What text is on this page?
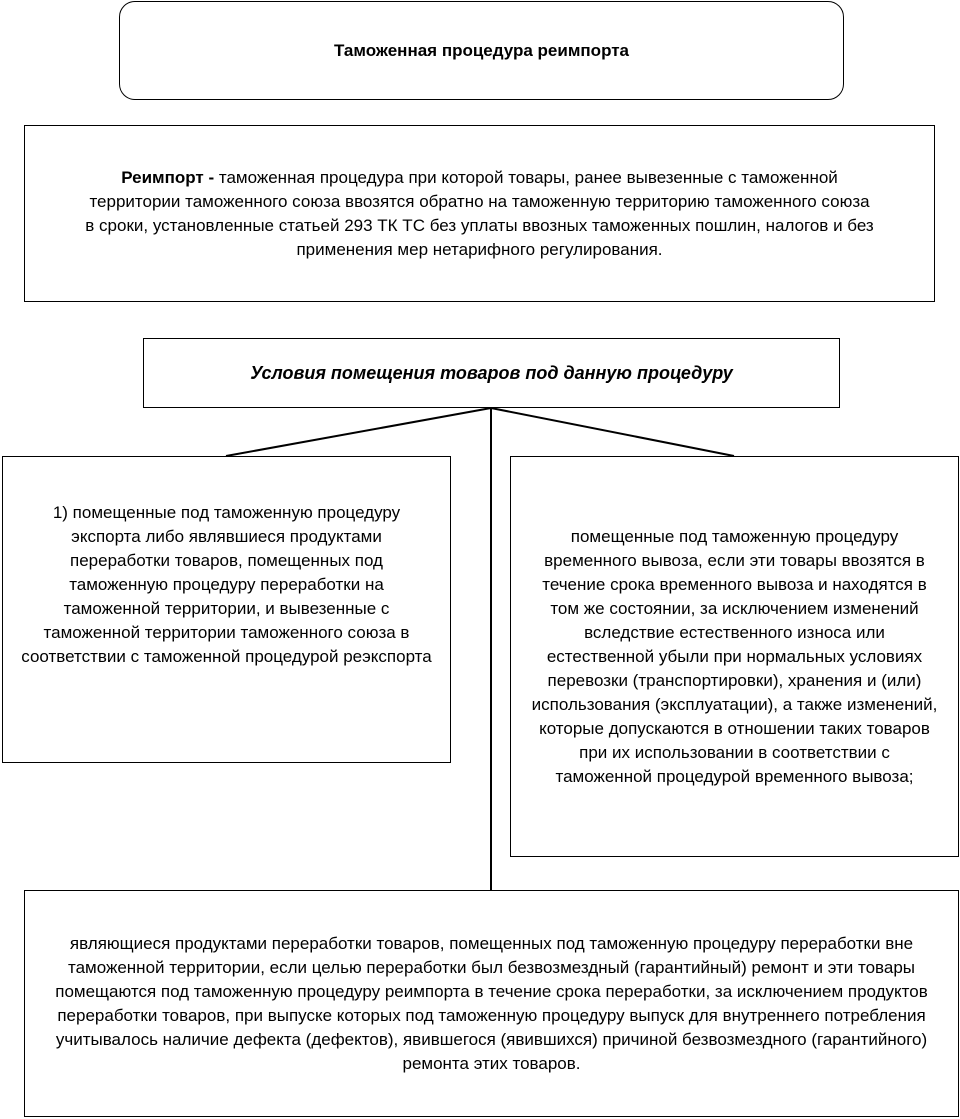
Таможенная процедура реимпорта
Реимпорт - таможенная процедура при которой товары, ранее вывезенные с таможенной территории таможенного союза ввозятся обратно на таможенную территорию таможенного союза в сроки, установленные статьей 293 ТК ТС без уплаты ввозных таможенных пошлин, налогов и без применения мер нетарифного регулирования.
Условия помещения товаров под данную процедуру
1) помещенные под таможенную процедуру экспорта либо являвшиеся продуктами переработки товаров, помещенных под таможенную процедуру переработки на таможенной территории, и вывезенные с таможенной территории таможенного союза в соответствии с таможенной процедурой реэкспорта
помещенные под таможенную процедуру временного вывоза, если эти товары ввозятся в течение срока временного вывоза и находятся в том же состоянии, за исключением изменений вследствие естественного износа или естественной убыли при нормальных условиях перевозки (транспортировки), хранения и (или) использования (эксплуатации), а также изменений, которые допускаются в отношении таких товаров при их использовании в соответствии с таможенной процедурой временного вывоза;
являющиеся продуктами переработки товаров, помещенных под таможенную процедуру переработки вне таможенной территории, если целью переработки был безвозмездный (гарантийный) ремонт и эти товары помещаются под таможенную процедуру реимпорта в течение срока переработки, за исключением продуктов переработки товаров, при выпуске которых под таможенную процедуру выпуск для внутреннего потребления учитывалось наличие дефекта (дефектов), явившегося (явившихся) причиной безвозмездного (гарантийного) ремонта этих товаров.
